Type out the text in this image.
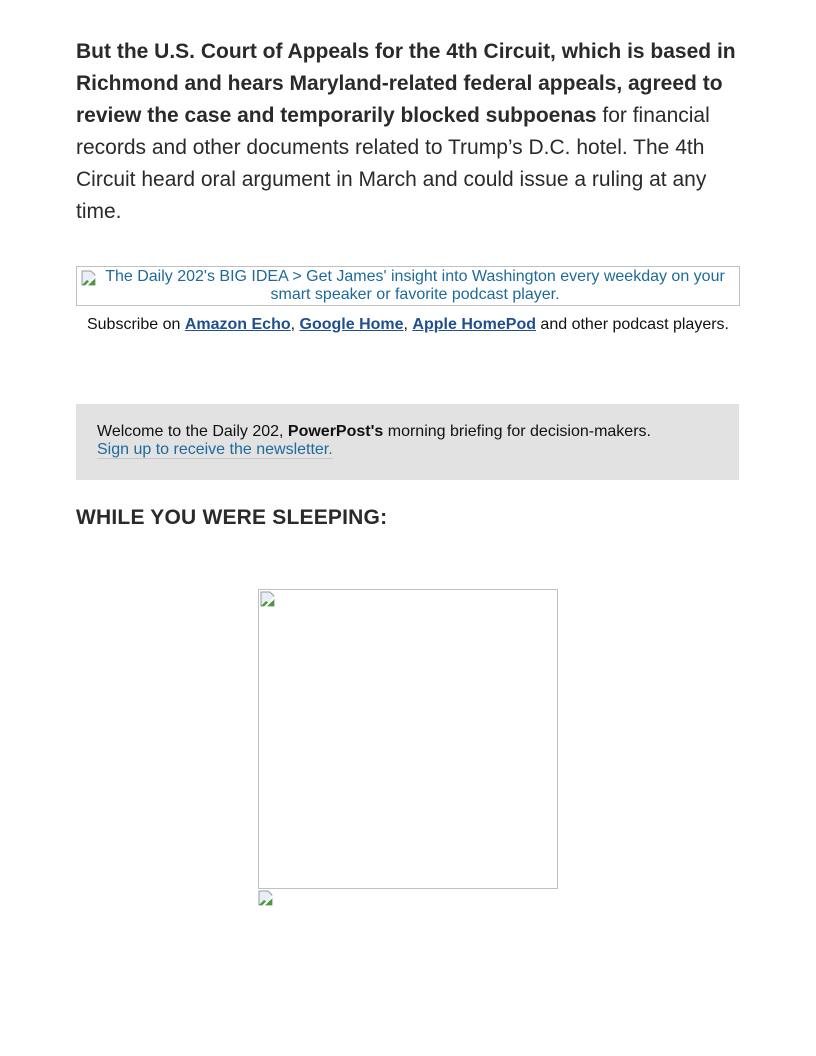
But the U.S. Court of Appeals for the 4th Circuit, which is based in Richmond and hears Maryland-related federal appeals, agreed to review the case and temporarily blocked subpoenas for financial records and other documents related to Trump’s D.C. hotel. The 4th Circuit heard oral argument in March and could issue a ruling at any time.

The Daily 202's BIG IDEA > Get James' insight into Washington every weekday on your smart speaker or favorite podcast player.
Subscribe on Amazon Echo, Google Home, Apple HomePod and other podcast players.
Welcome to the Daily 202, PowerPost's morning briefing for decision-makers.
Sign up to receive the newsletter.
WHILE YOU WERE SLEEPING:
